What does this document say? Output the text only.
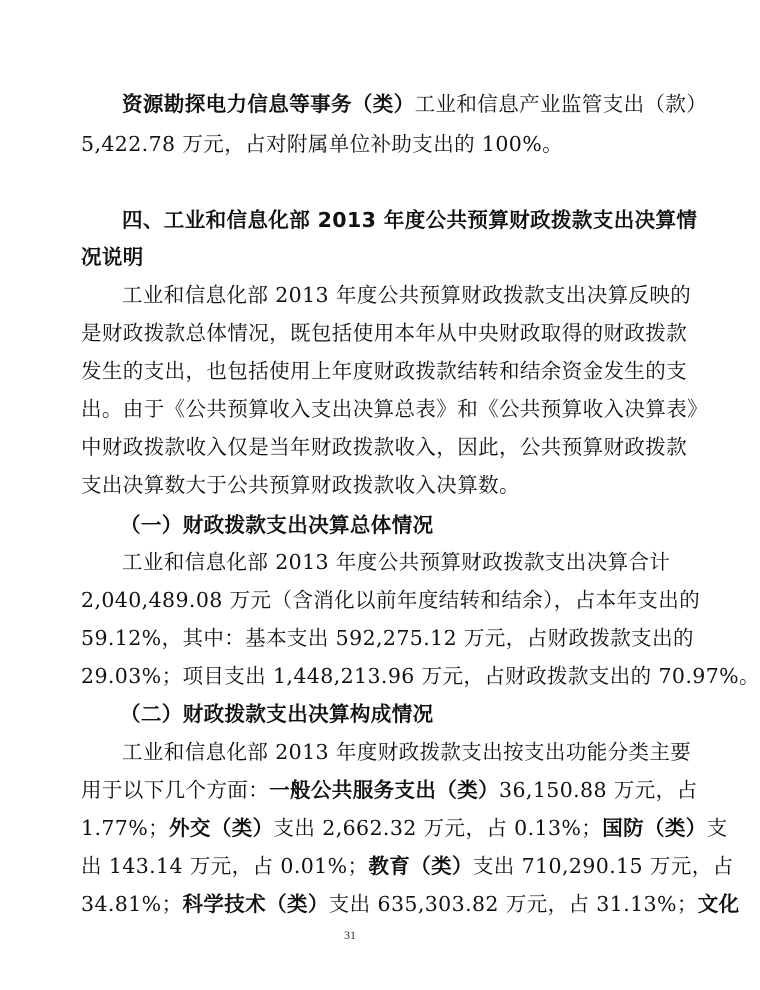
资源勘探电力信息等事务（类）工业和信息产业监管支出（款）
5,422.78 万元，占对附属单位补助支出的 100%。
四、工业和信息化部 2013 年度公共预算财政拨款支出决算情
况说明
工业和信息化部 2013 年度公共预算财政拨款支出决算反映的
是财政拨款总体情况，既包括使用本年从中央财政取得的财政拨款
发生的支出，也包括使用上年度财政拨款结转和结余资金发生的支
出。由于《公共预算收入支出决算总表》和《公共预算收入决算表》
中财政拨款收入仅是当年财政拨款收入，因此，公共预算财政拨款
支出决算数大于公共预算财政拨款收入决算数。
（一）财政拨款支出决算总体情况
工业和信息化部 2013 年度公共预算财政拨款支出决算合计
2,040,489.08 万元（含消化以前年度结转和结余），占本年支出的
59.12%，其中：基本支出 592,275.12 万元，占财政拨款支出的
29.03%；项目支出 1,448,213.96 万元，占财政拨款支出的 70.97%。
（二）财政拨款支出决算构成情况
工业和信息化部 2013 年度财政拨款支出按支出功能分类主要
用于以下几个方面：一般公共服务支出（类）36,150.88 万元，占
1.77%；外交（类）支出 2,662.32 万元，占 0.13%；国防（类）支
出 143.14 万元，占 0.01%；教育（类）支出 710,290.15 万元，占
34.81%；科学技术（类）支出 635,303.82 万元，占 31.13%；文化
31
